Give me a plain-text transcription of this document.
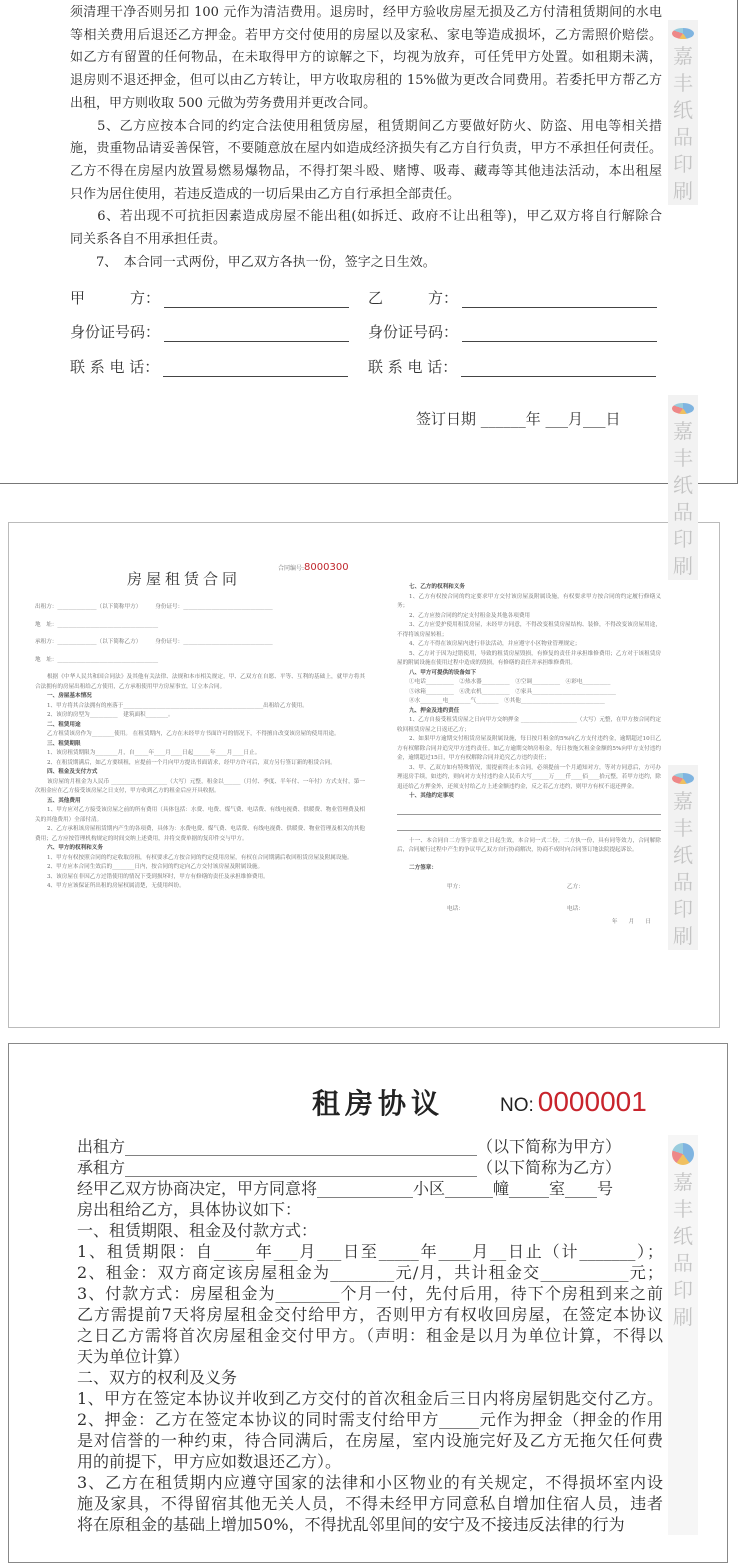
嘉
丰
纸
品
印
刷
嘉
丰
纸
品
印
刷
嘉
丰
纸
品
印
刷
嘉
丰
纸
品
印
刷
须清理干净否则另扣 100 元作为清洁费用。退房时，经甲方验收房屋无损及乙方付清租赁期间的水电
等相关费用后退还乙方押金。若甲方交付使用的房屋以及家私、家电等造成损坏，乙方需照价赔偿。
如乙方有留置的任何物品，在未取得甲方的谅解之下，均视为放弃，可任凭甲方处置。如租期未满，
退房则不退还押金，但可以由乙方转让，甲方收取房租的 15%做为更改合同费用。若委托甲方帮乙方
出租，甲方则收取 500 元做为劳务费用并更改合同。
　　5、乙方应按本合同的约定合法使用租赁房屋，租赁期间乙方要做好防火、防盗、用电等相关措
施，贵重物品请妥善保管，不要随意放在屋内如造成经济损失有乙方自行负责，甲方不承担任何责任。
乙方不得在房屋内放置易燃易爆物品，不得打架斗殴、赌博、吸毒、藏毒等其他违法活动，本出租屋
只作为居住使用，若违反造成的一切后果由乙方自行承担全部责任。
　　6、若出现不可抗拒因素造成房屋不能出租(如拆迁、政府不让出租等)，甲乙双方将自行解除合
同关系各自不用承担任责。
　　7、　本合同一式两份，甲乙双方各执一份，签字之日生效。
甲　　　方：	乙　　　方：
身份证号码：	身份证号码：
联 系 电 话：	联 系 电 话：
签订日期 ______年 ___月___日
合同编号:8000300
房屋租赁合同
出租方：______________（以下简称甲方）　　　身份证号：________________________________
地　址：____________________________________
承租方：______________（以下简称乙方）　　　身份证号：________________________________
地　址：____________________________________
根据《中华人民共和国合同法》及其他有关法律、法规和本市相关规定，甲、乙双方在自愿、平等、互利的基础上，就甲方将其合法拥有的房屋出租给乙方使用，乙方承租使用甲方房屋事宜，订立本合同。
一、房屋基本情况
1、甲方将其合法拥有的座落于__________________________________________________出租给乙方使用。
2、该房的房型为__________　建筑面积________。
二、租赁用途
乙方租赁该房作为________使用。 在租赁期内，乙方在未经甲方书面许可的情况下，不得擅自改变该房屋的使用用途。
三、租赁期限
1、该房租赁期限为________月，自_____年____月____日起______年____月____日止。
2、在租赁期满后，如乙方要续租，应提前一个月向甲方提出书面请求，经甲方许可后，双方另行签订新的租赁合同。
四、租金及支付方式
该房屋的月租金为人民币 ____________________（大写）元整，租金以______（月付、季度、半年付、一年付）方式支付，第一次租金应在乙方接受该房屋之日支付，甲方收到乙方的租金后应开具收据。
五、其他费用
1、甲方应对乙方接受该房屋之前的所有费用（具体包括：水费、电费、煤气费、电话费、有线电视费、供暖费、物业管理费及相关的其他费用）全部付清。
2、乙方承租该房屋租赁期内产生的各项费，具体为：水费电费、煤气费、电话费、有线电视费、供暖费、物业管理及相关的其他费用；乙方应按管理机构规定的时间交纳上述费用，并将交费单据的复印件交与甲方。
六、甲方的权利和义务
1、甲方有权按照合同的约定收取房租，有权要求乙方按合同的约定使用房屋，有权在合同期满后收回租赁房屋及附属设施。
2、甲方应本合同生效后的________日内，按合同的约定向乙方交付该房屋及附属设施。
3、该房屋在非因乙方过错使用的情况下受到损坏时，甲方有修缮的责任及承担维修费用。
4、甲方应该保证所出租的房屋权属清楚，无使用纠纷。
七、乙方的权利和义务
1、乙方有权按合同的约定要求甲方交付该房屋及附属设施，有权要求甲方按合同的约定履行修缮义务；
2、乙方应按合同的约定支付租金及其他各项费用
3、乙方应爱护使用租赁房屋，未经甲方同意，不得改变租赁房屋结构、装修，不得改变该房屋用途，不得将该房屋转租；
4、乙方不得在该房屋内进行非法活动，并应遵守小区物业管理规定；
5、乙方对于因为过错使用，导致的租赁房屋毁损，有修复的责任并承担维修费用；乙方对于该租赁房屋的附属设施在使用过程中造成的毁损，有修缮的责任并承担维修费用。
八、甲方可提供的设备如下
①电话__________　②热水器__________　③空调__________　④彩电__________
⑤冰箱__________　⑥洗衣机__________　⑦家具______________________________
⑧水________电________气________　⑨其他______________________________
九、押金及违约责任
1、乙方自接受租赁房屋之日向甲方交纳押金 ____________________（大写）元整，在甲方按合同约定收回租赁房屋之日返还乙方；
2、如果甲方逾期交付租赁房屋及附属设施，每日按月租金的5%向乙方支付违约金，逾期超过10日乙方有权解除合同并追究甲方违约责任。如乙方逾期交纳房租金，每日按拖欠租金金额的5%向甲方支付违约金，逾期超过15日，甲方有权解除合同并追究乙方违约责任；
3、甲、乙双方如有特殊情况，需提前终止本合同，必须提前一个月通知对方，等对方同意后，方可办理退房手续，如违约，则向对方支付违约金人民币大写______万____仟____佰____拾元整，若甲方违约，除退还给乙方押金外，还须支付给乙方上述金额违约金，反之若乙方违约，则甲方有权不退还押金。
十、其他约定事项
十一、本合同自二方签字盖章之日起生效，本合同一式二份，二方执一份，具有同等效力，合同解除后，合同履行过程中产生的争议甲乙双方自行协商解决，协商不成时向合同签订地法院提起诉讼。
二方签章：
甲方：	乙方：
电话：	电话：
年　　月　　日
租房协议	NO: 0000001
出租方____________________________________________（以下简称为甲方）
承租方____________________________________________（以下简称为乙方）
经甲乙双方协商决定，甲方同意将____________小区______幢_____室____号
房出租给乙方，具体协议如下：
一、租赁期限、租金及付款方式：
1、租赁期限：自_____年___月___日至_____年____月__日止（计_______）；
2、租金：双方商定该房屋租金为________元/月，共计租金交___________元；
3、付款方式：房屋租金为________个月一付，先付后用，待下个房租到来之前
乙方需提前7天将房屋租金交付给甲方，否则甲方有权收回房屋，在签定本协议
之日乙方需将首次房屋租金交付甲方。（声明：租金是以月为单位计算，不得以
天为单位计算）
二、双方的权利及义务
1、甲方在签定本协议并收到乙方交付的首次租金后三日内将房屋钥匙交付乙方。
2、押金：乙方在签定本协议的同时需支付给甲方_____元作为押金（押金的作用
是对信誉的一种约束，待合同满后，在房屋，室内设施完好及乙方无拖欠任何费
用的前提下，甲方应如数退还乙方）。
3、乙方在租赁期内应遵守国家的法律和小区物业的有关规定，不得损坏室内设
施及家具，不得留宿其他无关人员，不得未经甲方同意私自增加住宿人员，违者
将在原租金的基础上增加50%，不得扰乱邻里间的安宁及不接违反法律的行为
